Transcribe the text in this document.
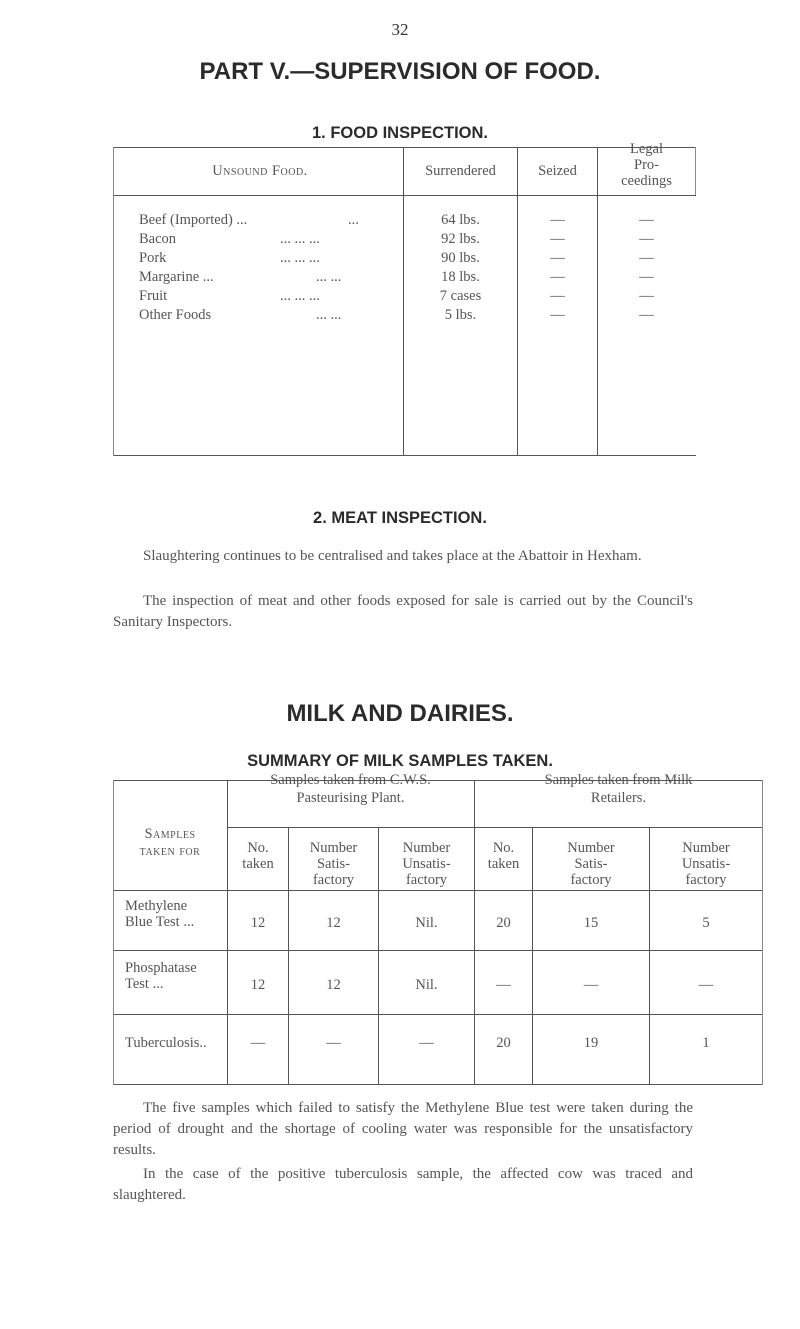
32
PART V.—SUPERVISION OF FOOD.
1. FOOD INSPECTION.
Unsound Food.	Surrendered	Seized
Legal
Pro-
ceedings
Beef (Imported) ...	...	64 lbs.	—	—
Bacon	... ... ...	92 lbs.	—	—
Pork	... ... ...	90 lbs.	—	—
Margarine ...	... ...	18 lbs.	—	—
Fruit	... ... ...	7 cases	—	—
Other Foods	... ...	5 lbs.	—	—
2. MEAT INSPECTION.
Slaughtering continues to be centralised and takes place at the Abattoir in Hexham.
The inspection of meat and other foods exposed for sale is carried out by the Council's Sanitary Inspectors.
MILK AND DAIRIES.
SUMMARY OF MILK SAMPLES TAKEN.
Samples
taken for
Samples taken from C.W.S.
Pasteurising Plant.
Samples taken from Milk
Retailers.
No.
taken
Number
Satis-
factory
Number
Unsatis-
factory
No.
taken
Number
Satis-
factory
Number
Unsatis-
factory
Methylene
Blue Test ...	12	12	Nil.	20	15	5
Phosphatase
Test ...	12	12	Nil.	—	—	—
Tuberculosis..	—	—	—	20	19	1
The five samples which failed to satisfy the Methylene Blue test were taken during the period of drought and the shortage of cooling water was responsible for the unsatisfactory results.
In the case of the positive tuberculosis sample, the affected cow was traced and slaughtered.
